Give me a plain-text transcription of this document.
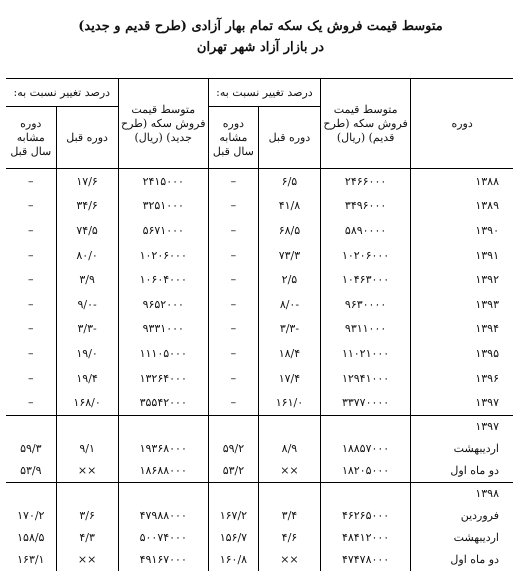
متوسط قیمت فروش یک سکه تمام بهار آزادی (طرح قدیم و جدید)
در بازار آزاد شهر تهران
دوره	متوسط قیمت فروش سکه (طرح قدیم) (ریال)	درصد تغییر نسبت به:		متوسط قیمت فروش سکه (طرح جدید) (ریال)	درصد تغییر نسبت به:	
		دوره قبل	دوره مشابه سال قبل		دوره قبل	دوره مشابه سال قبل
۱۳۸۸	۲۴۶۶۰۰۰	۶/۵	–	۲۴۱۵۰۰۰	۱۷/۶	–
۱۳۸۹	۳۴۹۶۰۰۰	۴۱/۸	–	۳۲۵۱۰۰۰	۳۴/۶	–
۱۳۹۰	۵۸۹۰۰۰۰	۶۸/۵	–	۵۶۷۱۰۰۰	۷۴/۵	–
۱۳۹۱	۱۰۲۰۶۰۰۰	۷۳/۳	–	۱۰۲۰۶۰۰۰	۸۰/۰	–
۱۳۹۲	۱۰۴۶۳۰۰۰	۲/۵	–	۱۰۶۰۴۰۰۰	۳/۹	–
۱۳۹۳	۹۶۳۰۰۰۰	-۸/۰	–	۹۶۵۲۰۰۰	-۹/۰	–
۱۳۹۴	۹۳۱۱۰۰۰	-۳/۳	–	۹۳۳۱۰۰۰	-۳/۳	–
۱۳۹۵	۱۱۰۲۱۰۰۰	۱۸/۴	–	۱۱۱۰۵۰۰۰	۱۹/۰	–
۱۳۹۶	۱۲۹۴۱۰۰۰	۱۷/۴	–	۱۳۲۶۴۰۰۰	۱۹/۴	–
۱۳۹۷	۳۳۷۷۰۰۰۰	۱۶۱/۰	–	۳۵۵۴۲۰۰۰	۱۶۸/۰	–
۱۳۹۷						
اردیبهشت	۱۸۸۵۷۰۰۰	۸/۹	۵۹/۲	۱۹۳۶۸۰۰۰	۹/۱	۵۹/۳
دو ماه اول	۱۸۲۰۵۰۰۰	××	۵۳/۲	۱۸۶۸۸۰۰۰	××	۵۳/۹
۱۳۹۸						
فروردین	۴۶۲۶۵۰۰۰	۳/۴	۱۶۷/۲	۴۷۹۸۸۰۰۰	۳/۶	۱۷۰/۲
اردیبهشت	۴۸۴۱۲۰۰۰	۴/۶	۱۵۶/۷	۵۰۰۷۴۰۰۰	۴/۳	۱۵۸/۵
دو ماه اول	۴۷۴۷۸۰۰۰	××	۱۶۰/۸	۴۹۱۶۷۰۰۰	××	۱۶۳/۱
